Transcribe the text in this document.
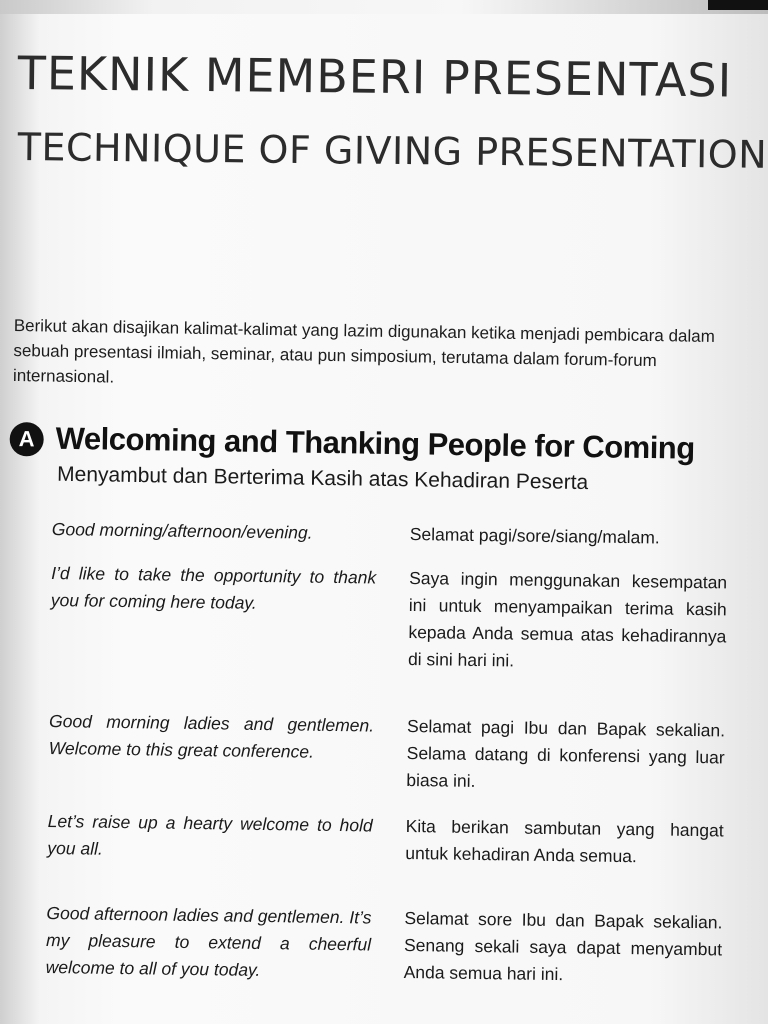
TEKNIK MEMBERI PRESENTASI
TECHNIQUE OF GIVING PRESENTATION

Berikut akan disajikan kalimat-kalimat yang lazim digunakan ketika menjadi pembicara dalam sebuah presentasi ilmiah, seminar, atau pun simposium, terutama dalam forum-forum internasional.

A Welcoming and Thanking People for Coming
Menyambut dan Berterima Kasih atas Kehadiran Peserta
Good morning/afternoon/evening.	Selamat pagi/sore/siang/malam.
I’d like to take the opportunity to thank you for coming here today.
Saya ingin menggunakan kesempatan ini untuk menyampaikan terima kasih kepada Anda semua atas kehadirannya di sini hari ini.
Good morning ladies and gentlemen. Welcome to this great conference.
Selamat pagi Ibu dan Bapak sekalian. Selama datang di konferensi yang luar biasa ini.
Let’s raise up a hearty welcome to hold you all.
Kita berikan sambutan yang hangat untuk kehadiran Anda semua.
Good afternoon ladies and gentlemen. It’s my pleasure to extend a cheerful welcome to all of you today.
Selamat sore Ibu dan Bapak sekalian. Senang sekali saya dapat menyambut Anda semua hari ini.
